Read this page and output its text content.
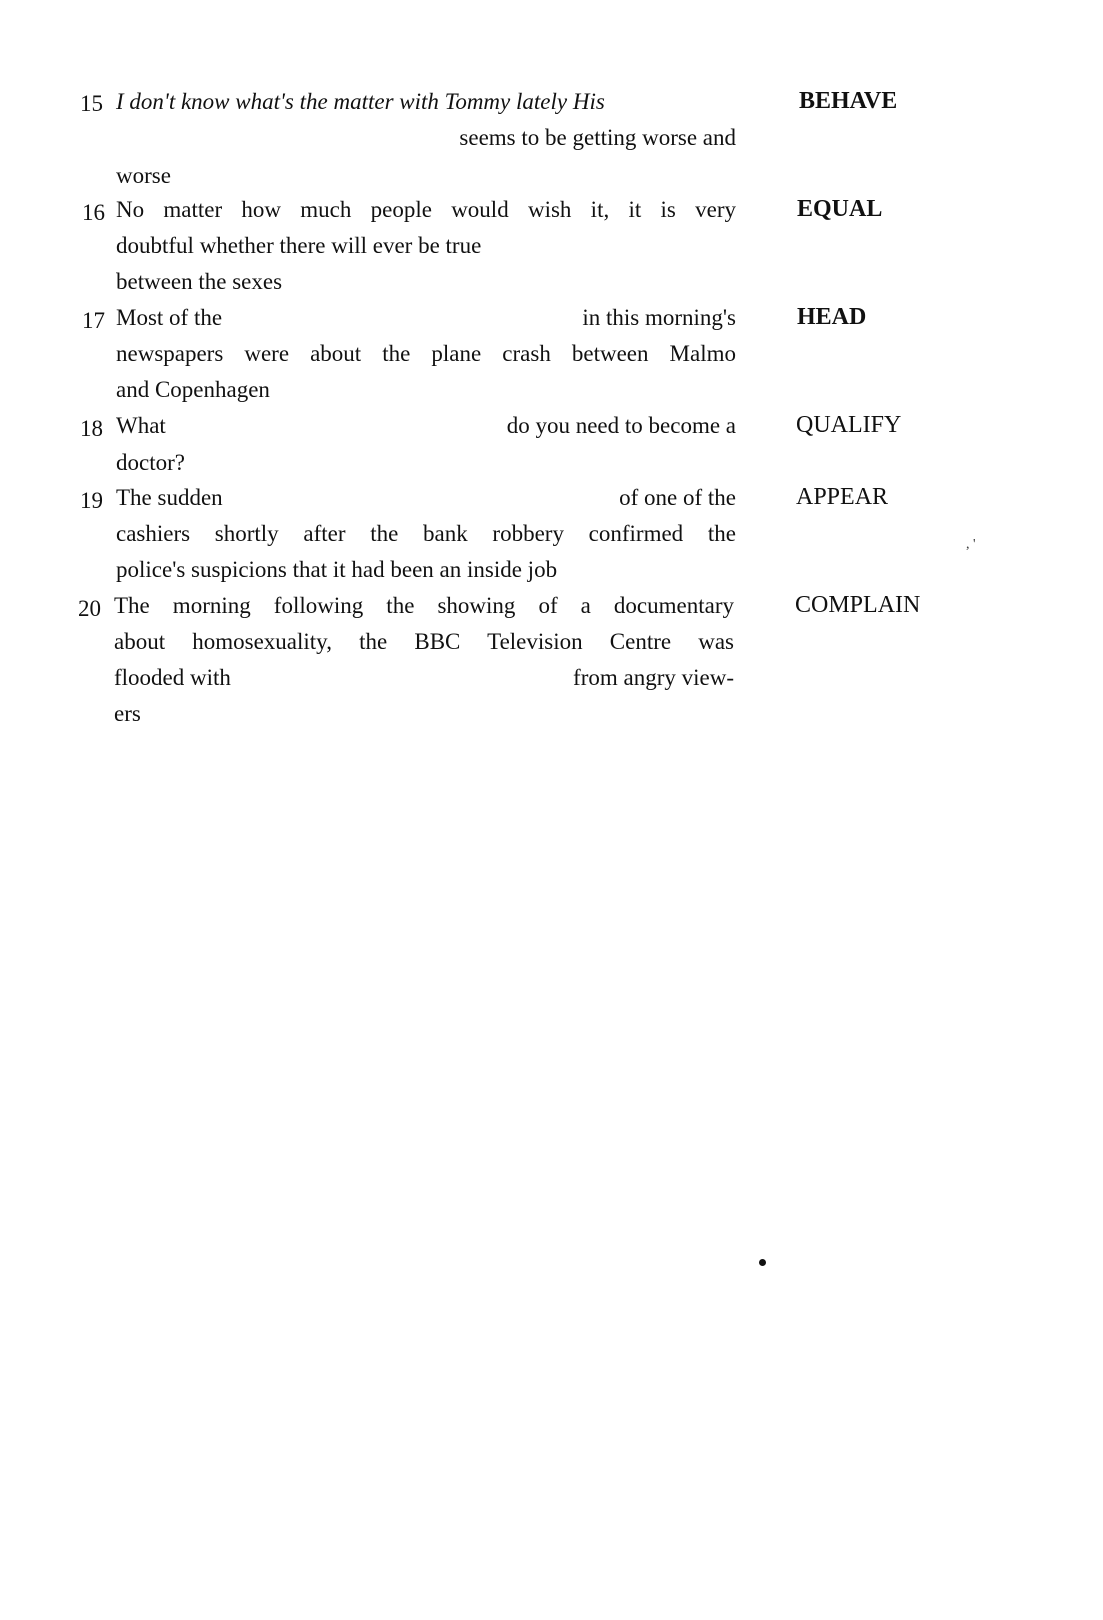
15 I don't know what's the matter with Tommy lately His
seems to be getting worse and
worse
BEHAVE
16 No matter how much people would wish it, it is very
doubtful whether there will ever be true
between the sexes
EQUAL
17 Most of the	in this morning's
newspapers were about the plane crash between Malmo
and Copenhagen
HEAD
18 What	do you need to become a
doctor?
QUALIFY
19 The sudden	of one of the
cashiers shortly after the bank robbery confirmed the
police's suspicions that it had been an inside job
APPEAR
20 The morning following the showing of a documentary
about homosexuality, the BBC Television Centre was
flooded with	from angry view-
ers
COMPLAIN
, '
